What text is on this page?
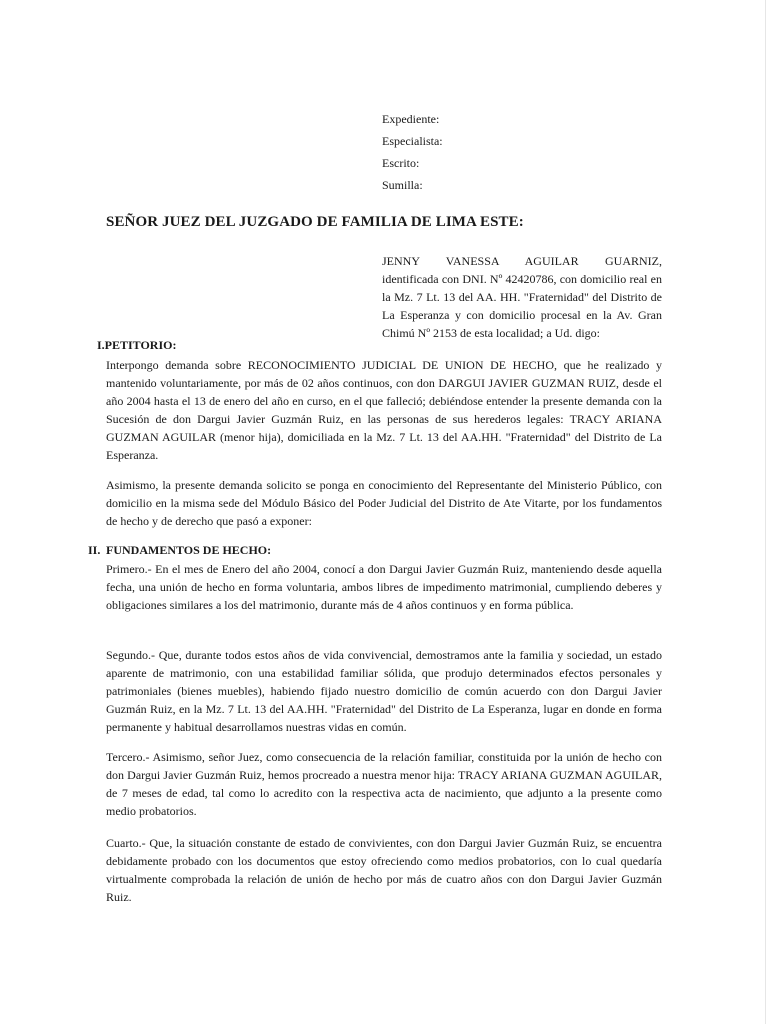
Expediente:
Especialista:
Escrito:
Sumilla:
SEÑOR JUEZ DEL JUZGADO DE FAMILIA DE LIMA ESTE:
JENNY VANESSA AGUILAR GUARNIZ,
identificada con DNI. Nº 42420786, con domicilio real en la Mz. 7 Lt. 13 del AA. HH. "Fraternidad" del Distrito de La Esperanza y con domicilio procesal en la Av. Gran Chimú Nº 2153 de esta localidad; a Ud. digo:
I.PETITORIO:
Interpongo demanda sobre RECONOCIMIENTO JUDICIAL DE UNION DE HECHO, que he realizado y mantenido voluntariamente, por más de 02 años continuos, con don DARGUI JAVIER GUZMAN RUIZ, desde el año 2004 hasta el 13 de enero del año en curso, en el que falleció; debiéndose entender la presente demanda con la Sucesión de don Dargui Javier Guzmán Ruiz, en las personas de sus herederos legales: TRACY ARIANA GUZMAN AGUILAR (menor hija), domiciliada en la Mz. 7 Lt. 13 del AA.HH. "Fraternidad" del Distrito de La Esperanza.
Asimismo, la presente demanda solicito se ponga en conocimiento del Representante del Ministerio Público, con domicilio en la misma sede del Módulo Básico del Poder Judicial del Distrito de Ate Vitarte, por los fundamentos de hecho y de derecho que pasó a exponer:
II. FUNDAMENTOS DE HECHO:
Primero.- En el mes de Enero del año 2004, conocí a don Dargui Javier Guzmán Ruiz, manteniendo desde aquella fecha, una unión de hecho en forma voluntaria, ambos libres de impedimento matrimonial, cumpliendo deberes y obligaciones similares a los del matrimonio, durante más de 4 años continuos y en forma pública.
Segundo.- Que, durante todos estos años de vida convivencial, demostramos ante la familia y sociedad, un estado aparente de matrimonio, con una estabilidad familiar sólida, que produjo determinados efectos personales y patrimoniales (bienes muebles), habiendo fijado nuestro domicilio de común acuerdo con don Dargui Javier Guzmán Ruiz, en la Mz. 7 Lt. 13 del AA.HH. "Fraternidad" del Distrito de La Esperanza, lugar en donde en forma permanente y habitual desarrollamos nuestras vidas en común.
Tercero.- Asimismo, señor Juez, como consecuencia de la relación familiar, constituida por la unión de hecho con don Dargui Javier Guzmán Ruiz, hemos procreado a nuestra menor hija: TRACY ARIANA GUZMAN AGUILAR, de 7 meses de edad, tal como lo acredito con la respectiva acta de nacimiento, que adjunto a la presente como medio probatorios.
Cuarto.- Que, la situación constante de estado de convivientes, con don Dargui Javier Guzmán Ruiz, se encuentra debidamente probado con los documentos que estoy ofreciendo como medios probatorios, con lo cual quedaría virtualmente comprobada la relación de unión de hecho por más de cuatro años con don Dargui Javier Guzmán Ruiz.
